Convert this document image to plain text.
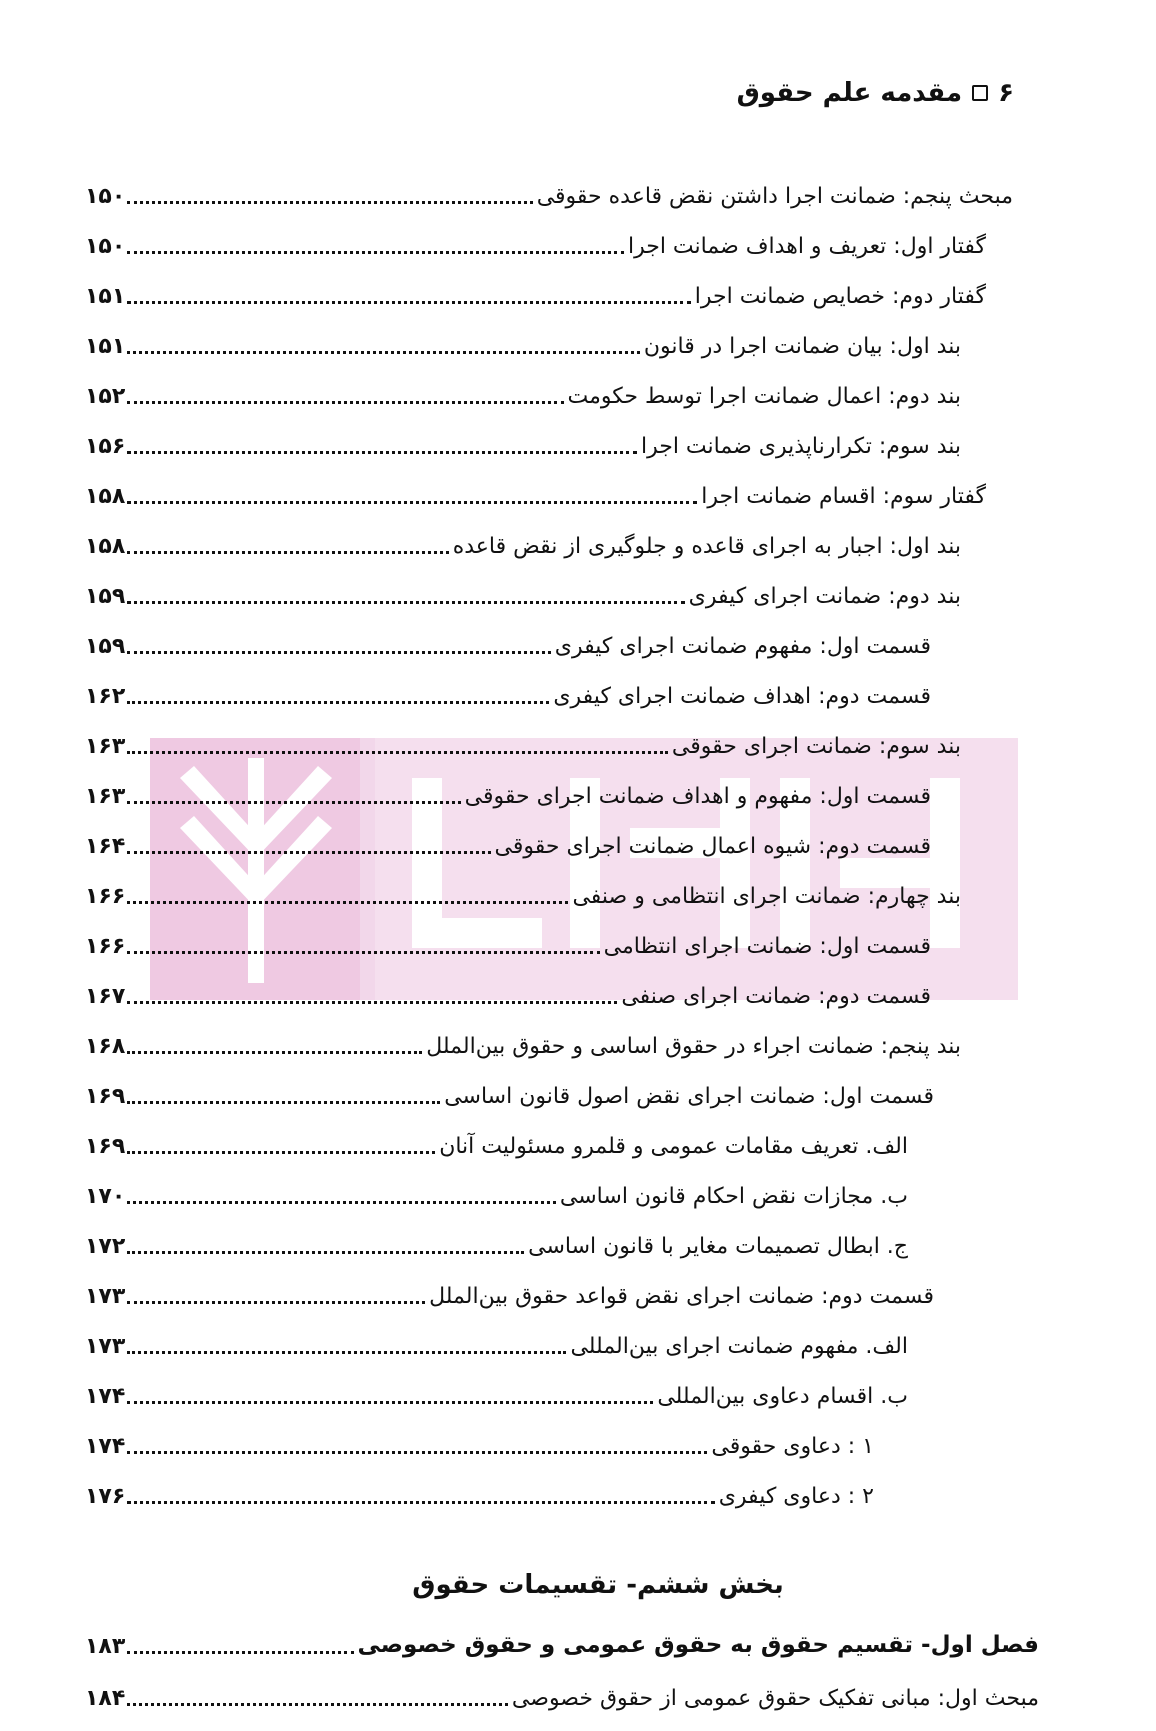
۶
مقدمه علم حقوق
مبحث پنجم: ضمانت اجرا داشتن نقض قاعده حقوقی
۱۵۰
گفتار اول: تعریف و اهداف ضمانت اجرا
۱۵۰
گفتار دوم: خصایص ضمانت اجرا
۱۵۱
بند اول: بیان ضمانت اجرا در قانون
۱۵۱
بند دوم: اعمال ضمانت اجرا توسط حکومت
۱۵۲
بند سوم: تکرارناپذیری ضمانت اجرا
۱۵۶
گفتار سوم: اقسام ضمانت اجرا
۱۵۸
بند اول: اجبار به اجرای قاعده و جلوگیری از نقض قاعده
۱۵۸
بند دوم: ضمانت اجرای کیفری
۱۵۹
قسمت اول: مفهوم ضمانت اجرای کیفری
۱۵۹
قسمت دوم: اهداف ضمانت اجرای کیفری
۱۶۲
بند سوم: ضمانت اجرای حقوقی
۱۶۳
قسمت اول: مفهوم و اهداف ضمانت اجرای حقوقی
۱۶۳
قسمت دوم: شیوه اعمال ضمانت اجرای حقوقی
۱۶۴
بند چهارم: ضمانت اجرای انتظامی و صنفی
۱۶۶
قسمت اول: ضمانت اجرای انتظامی
۱۶۶
قسمت دوم: ضمانت اجرای صنفی
۱۶۷
بند پنجم: ضمانت اجراء در حقوق اساسی و حقوق بین‌الملل
۱۶۸
قسمت اول: ضمانت اجرای نقض اصول قانون اساسی
۱۶۹
الف. تعریف مقامات عمومی و قلمرو مسئولیت آنان
۱۶۹
ب. مجازات نقض احکام قانون اساسی
۱۷۰
ج. ابطال تصمیمات مغایر با قانون اساسی
۱۷۲
قسمت دوم: ضمانت اجرای نقض قواعد حقوق بین‌الملل
۱۷۳
الف. مفهوم ضمانت اجرای بین‌المللی
۱۷۳
ب. اقسام دعاوی بین‌المللی
۱۷۴
۱ : دعاوی حقوقی
۱۷۴
۲ : دعاوی کیفری
۱۷۶
بخش ششم- تقسیمات حقوق
فصل اول- تقسیم حقوق به حقوق عمومی و حقوق خصوصی
۱۸۳
مبحث اول: مبانی تفکیک حقوق عمومی از حقوق خصوصی
۱۸۴
